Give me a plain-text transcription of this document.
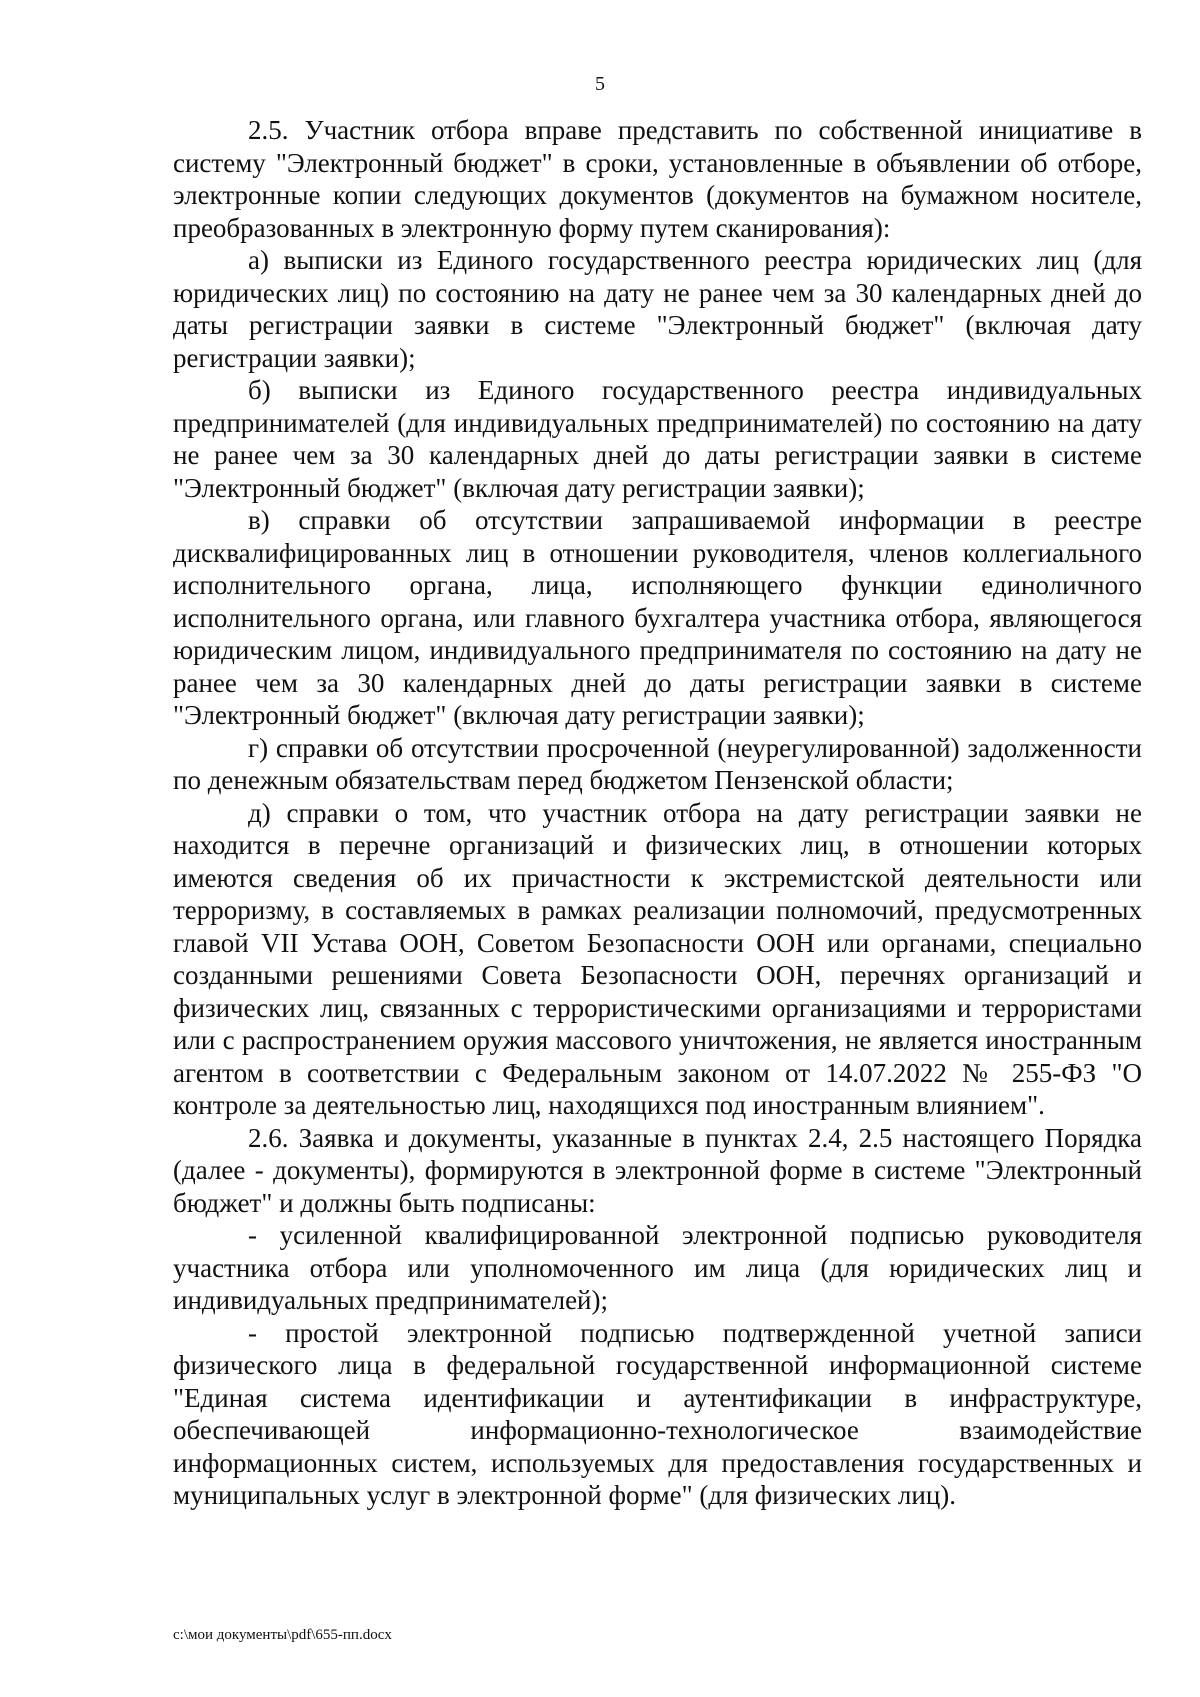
5

2.5. Участник отбора вправе представить по собственной инициативе в систему "Электронный бюджет" в сроки, установленные в объявлении об отборе, электронные копии следующих документов (документов на бумажном носителе, преобразованных в электронную форму путем сканирования):

а) выписки из Единого государственного реестра юридических лиц (для юридических лиц) по состоянию на дату не ранее чем за 30 календарных дней до даты регистрации заявки в системе "Электронный бюджет" (включая дату регистрации заявки);

б) выписки из Единого государственного реестра индивидуальных предпринимателей (для индивидуальных предпринимателей) по состоянию на дату не ранее чем за 30 календарных дней до даты регистрации заявки в системе "Электронный бюджет" (включая дату регистрации заявки);

в) справки об отсутствии запрашиваемой информации в реестре дисквалифицированных лиц в отношении руководителя, членов коллегиального исполнительного органа, лица, исполняющего функции единоличного исполнительного органа, или главного бухгалтера участника отбора, являющегося юридическим лицом, индивидуального предпринимателя по состоянию на дату не ранее чем за 30 календарных дней до даты регистрации заявки в системе "Электронный бюджет" (включая дату регистрации заявки);

г) справки об отсутствии просроченной (неурегулированной) задолженности по денежным обязательствам перед бюджетом Пензенской области;

д) справки о том, что участник отбора на дату регистрации заявки не находится в перечне организаций и физических лиц, в отношении которых имеются сведения об их причастности к экстремистской деятельности или терроризму, в составляемых в рамках реализации полномочий, предусмотренных главой VII Устава ООН, Советом Безопасности ООН или органами, специально созданными решениями Совета Безопасности ООН, перечнях организаций и физических лиц, связанных с террористическими организациями и террористами или с распространением оружия массового уничтожения, не является иностранным агентом в соответствии с Федеральным законом от 14.07.2022 № 255-ФЗ "О контроле за деятельностью лиц, находящихся под иностранным влиянием".

2.6. Заявка и документы, указанные в пунктах 2.4, 2.5 настоящего Порядка (далее - документы), формируются в электронной форме в системе "Электронный бюджет" и должны быть подписаны:

- усиленной квалифицированной электронной подписью руководителя участника отбора или уполномоченного им лица (для юридических лиц и индивидуальных предпринимателей);

- простой электронной подписью подтвержденной учетной записи физического лица в федеральной государственной информационной системе "Единая система идентификации и аутентификации в инфраструктуре, обеспечивающей информационно-технологическое взаимодействие информационных систем, используемых для предоставления государственных и муниципальных услуг в электронной форме" (для физических лиц).

c:\мои документы\pdf\655-пп.docx
